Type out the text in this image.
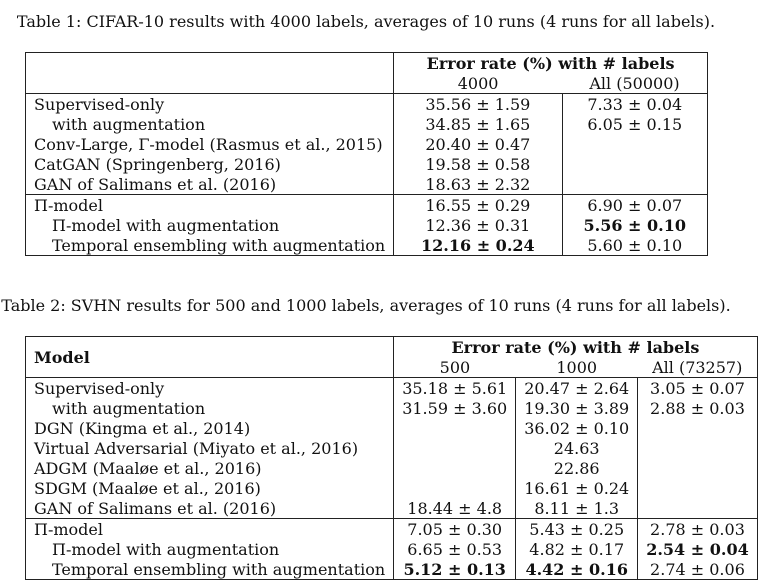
Table 1: CIFAR-10 results with 4000 labels, averages of 10 runs (4 runs for all labels).
	Error rate (%) with # labels	
	4000	All (50000)
Supervised-only	35.56 ± 1.59	7.33 ± 0.04
with augmentation	34.85 ± 1.65	6.05 ± 0.15
Conv-Large, Γ-model (Rasmus et al., 2015)	20.40 ± 0.47	
CatGAN (Springenberg, 2016)	19.58 ± 0.58	
GAN of Salimans et al. (2016)	18.63 ± 2.32	
Π-model	16.55 ± 0.29	6.90 ± 0.07
Π-model with augmentation	12.36 ± 0.31	5.56 ± 0.10
Temporal ensembling with augmentation	12.16 ± 0.24	5.60 ± 0.10
Table 2: SVHN results for 500 and 1000 labels, averages of 10 runs (4 runs for all labels).
Model	Error rate (%) with # labels		
	500	1000	All (73257)
Supervised-only	35.18 ± 5.61	20.47 ± 2.64	3.05 ± 0.07
with augmentation	31.59 ± 3.60	19.30 ± 3.89	2.88 ± 0.03
DGN (Kingma et al., 2014)		36.02 ± 0.10	
Virtual Adversarial (Miyato et al., 2016)		24.63	
ADGM (Maaløe et al., 2016)		22.86	
SDGM (Maaløe et al., 2016)		16.61 ± 0.24	
GAN of Salimans et al. (2016)	18.44 ± 4.8	8.11 ± 1.3	
Π-model	7.05 ± 0.30	5.43 ± 0.25	2.78 ± 0.03
Π-model with augmentation	6.65 ± 0.53	4.82 ± 0.17	2.54 ± 0.04
Temporal ensembling with augmentation	5.12 ± 0.13	4.42 ± 0.16	2.74 ± 0.06
